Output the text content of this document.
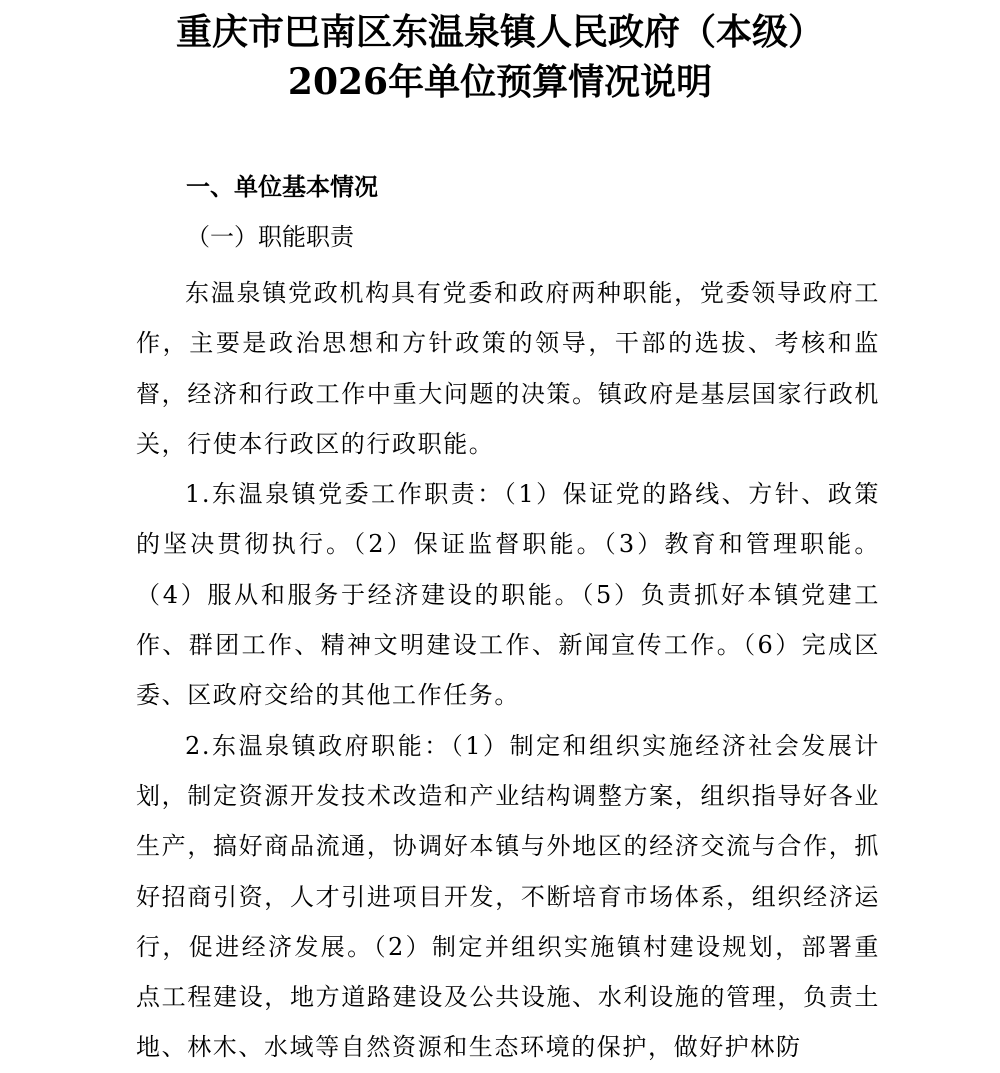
重庆市巴南区东温泉镇人民政府（本级）
2026年单位预算情况说明
一、单位基本情况
（一）职能职责

东温泉镇党政机构具有党委和政府两种职能，党委领导政府工作，主要是政治思想和方针政策的领导，干部的选拔、考核和监督，经济和行政工作中重大问题的决策。镇政府是基层国家行政机关，行使本行政区的行政职能。

1.东温泉镇党委工作职责：（1）保证党的路线、方针、政策的坚决贯彻执行。（2）保证监督职能。（3）教育和管理职能。（4）服从和服务于经济建设的职能。（5）负责抓好本镇党建工作、群团工作、精神文明建设工作、新闻宣传工作。（6）完成区委、区政府交给的其他工作任务。

2.东温泉镇政府职能：（1）制定和组织实施经济社会发展计划，制定资源开发技术改造和产业结构调整方案，组织指导好各业生产，搞好商品流通，协调好本镇与外地区的经济交流与合作，抓好招商引资，人才引进项目开发，不断培育市场体系，组织经济运行，促进经济发展。（2）制定并组织实施镇村建设规划，部署重点工程建设，地方道路建设及公共设施、水利设施的管理，负责土地、林木、水域等自然资源和生态环境的保护，做好护林防
